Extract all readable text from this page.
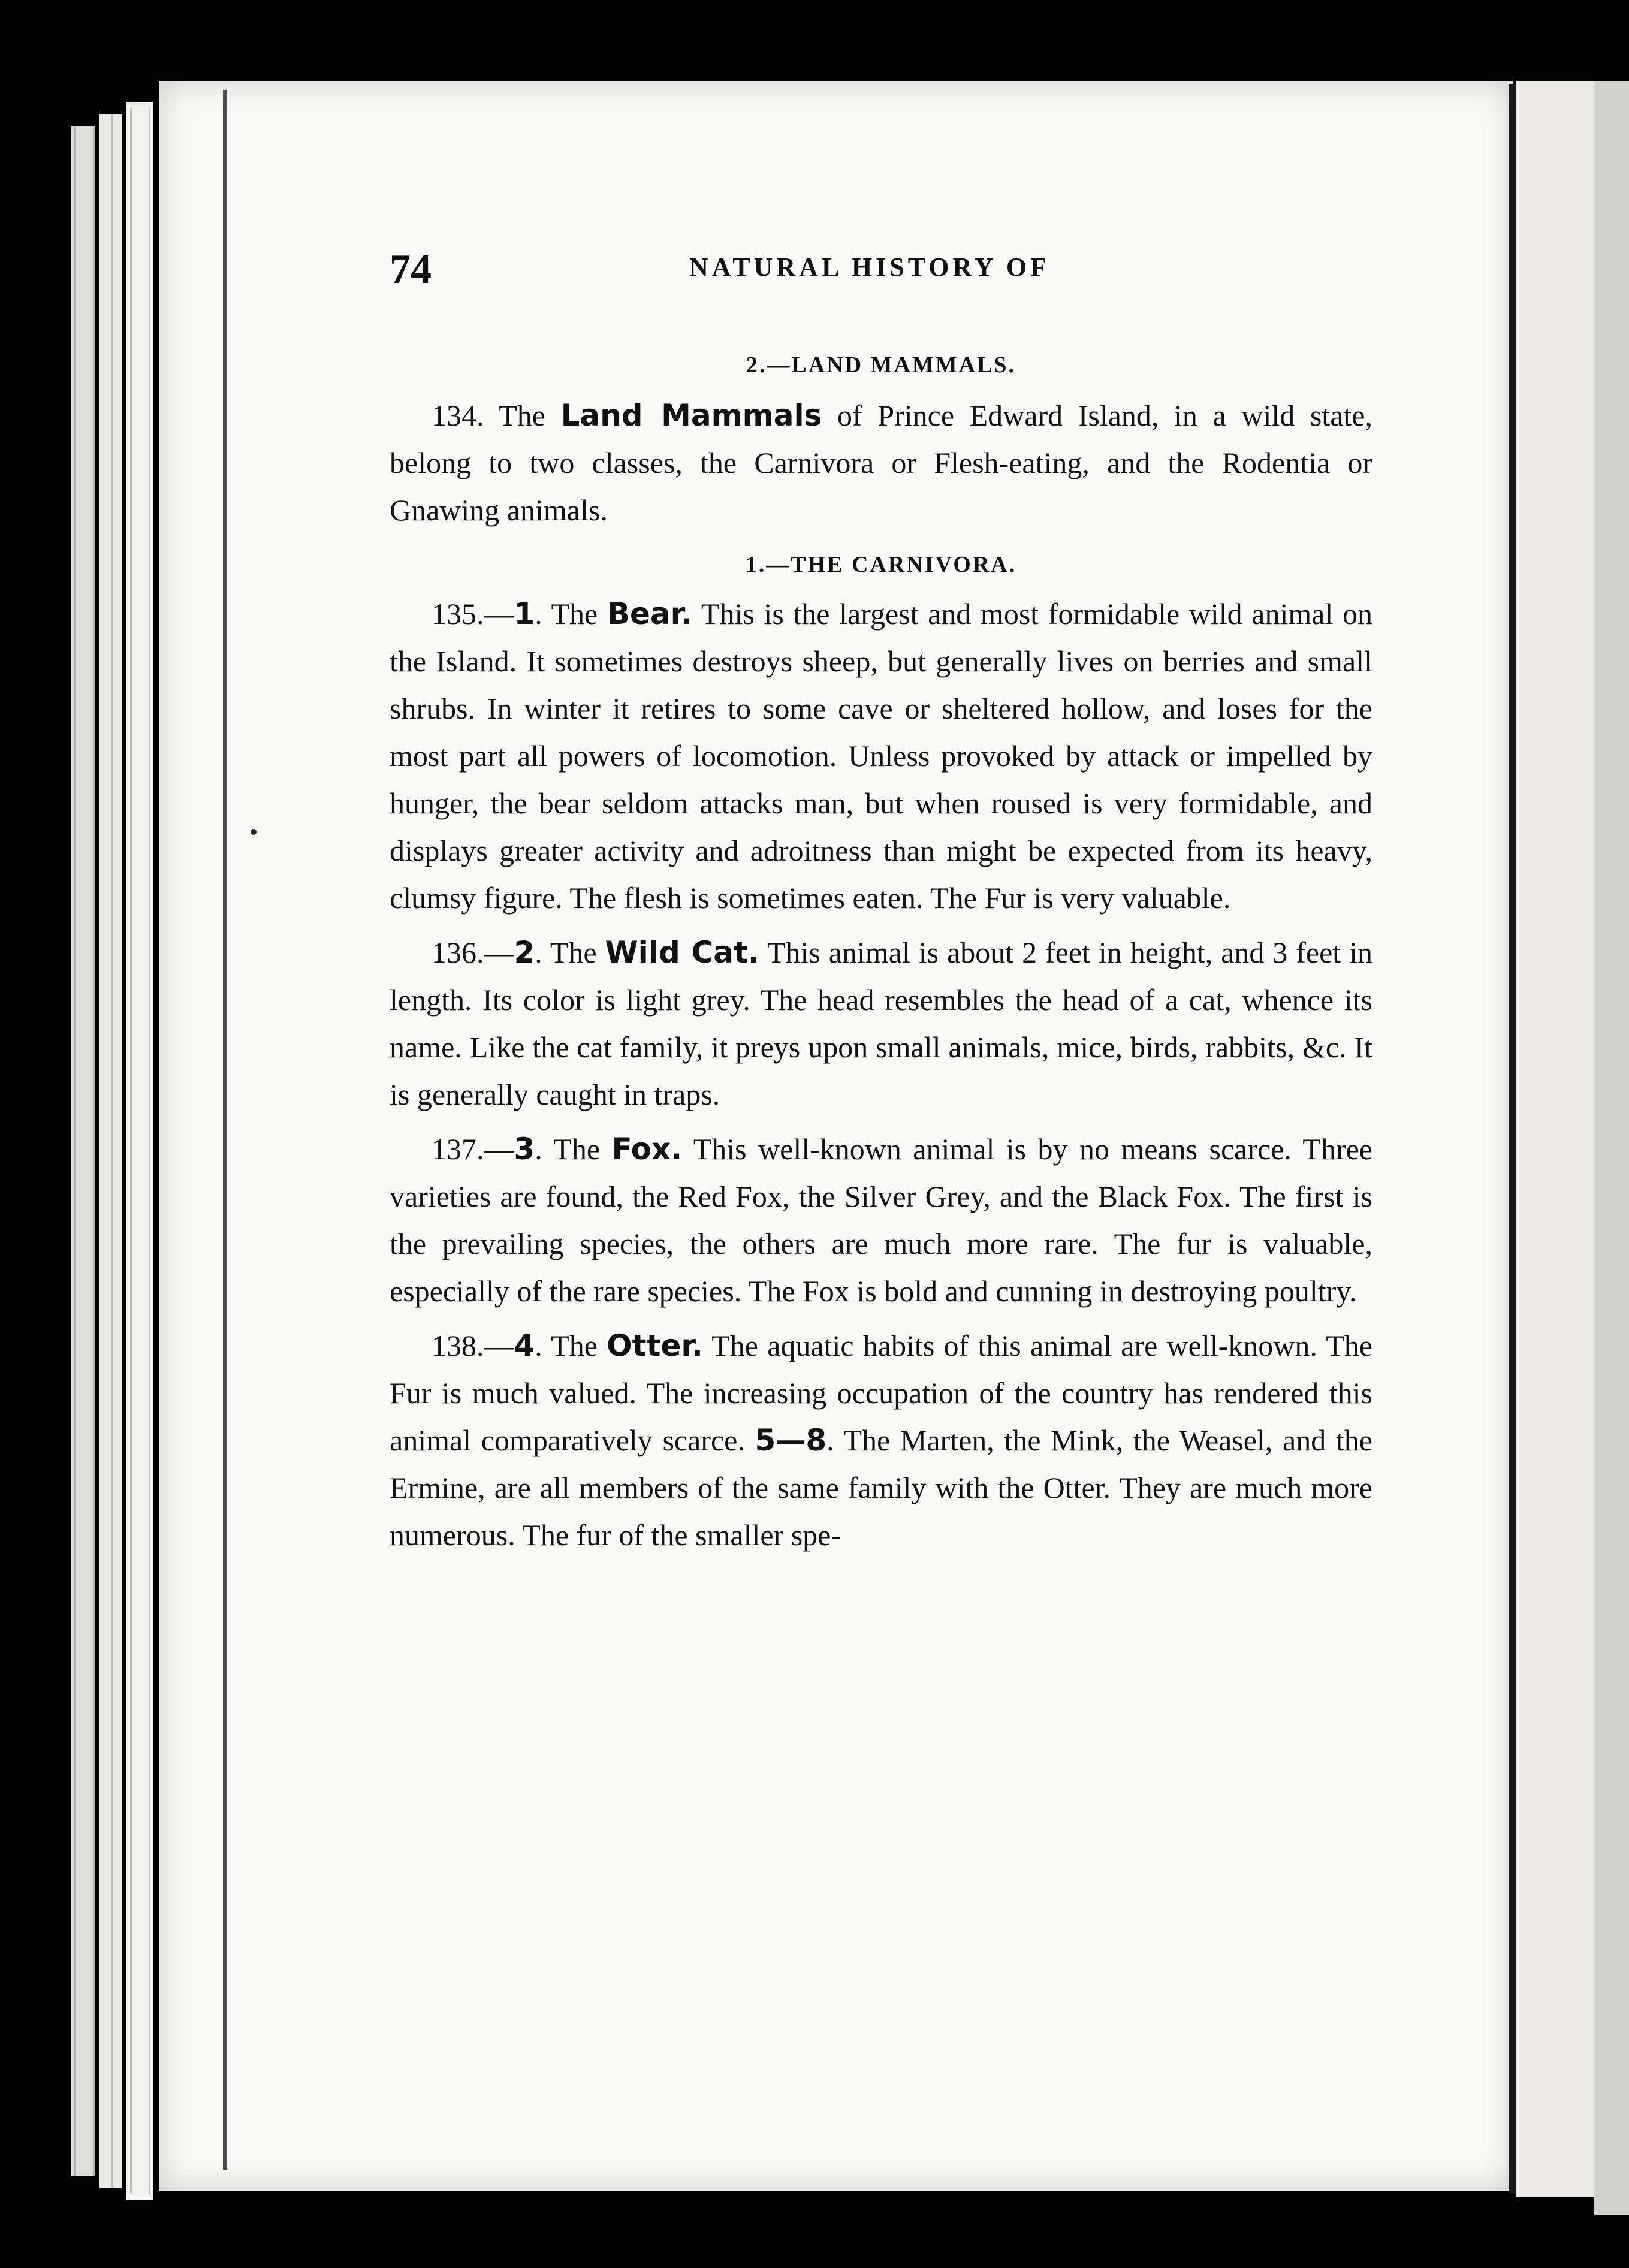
74	NATURAL HISTORY OF
2.—LAND MAMMALS.

134. The Land Mammals of Prince Edward Island, in a wild state, belong to two classes, the Carnivora or Flesh-eating, and the Rodentia or Gnawing animals.

1.—THE CARNIVORA.

135.—1. The Bear. This is the largest and most formidable wild animal on the Island. It sometimes destroys sheep, but generally lives on berries and small shrubs. In winter it retires to some cave or sheltered hollow, and loses for the most part all powers of locomotion. Unless provoked by attack or impelled by hunger, the bear seldom attacks man, but when roused is very formidable, and displays greater activity and adroitness than might be expected from its heavy, clumsy figure. The flesh is sometimes eaten. The Fur is very valuable.

136.—2. The Wild Cat. This animal is about 2 feet in height, and 3 feet in length. Its color is light grey. The head resembles the head of a cat, whence its name. Like the cat family, it preys upon small animals, mice, birds, rabbits, &c. It is generally caught in traps.

137.—3. The Fox. This well-known animal is by no means scarce. Three varieties are found, the Red Fox, the Silver Grey, and the Black Fox. The first is the prevailing species, the others are much more rare. The fur is valuable, especially of the rare species. The Fox is bold and cunning in destroying poultry.

138.—4. The Otter. The aquatic habits of this animal are well-known. The Fur is much valued. The increasing occupation of the country has rendered this animal comparatively scarce. 5—8. The Marten, the Mink, the Weasel, and the Ermine, are all members of the same family with the Otter. They are much more numerous. The fur of the smaller spe-
